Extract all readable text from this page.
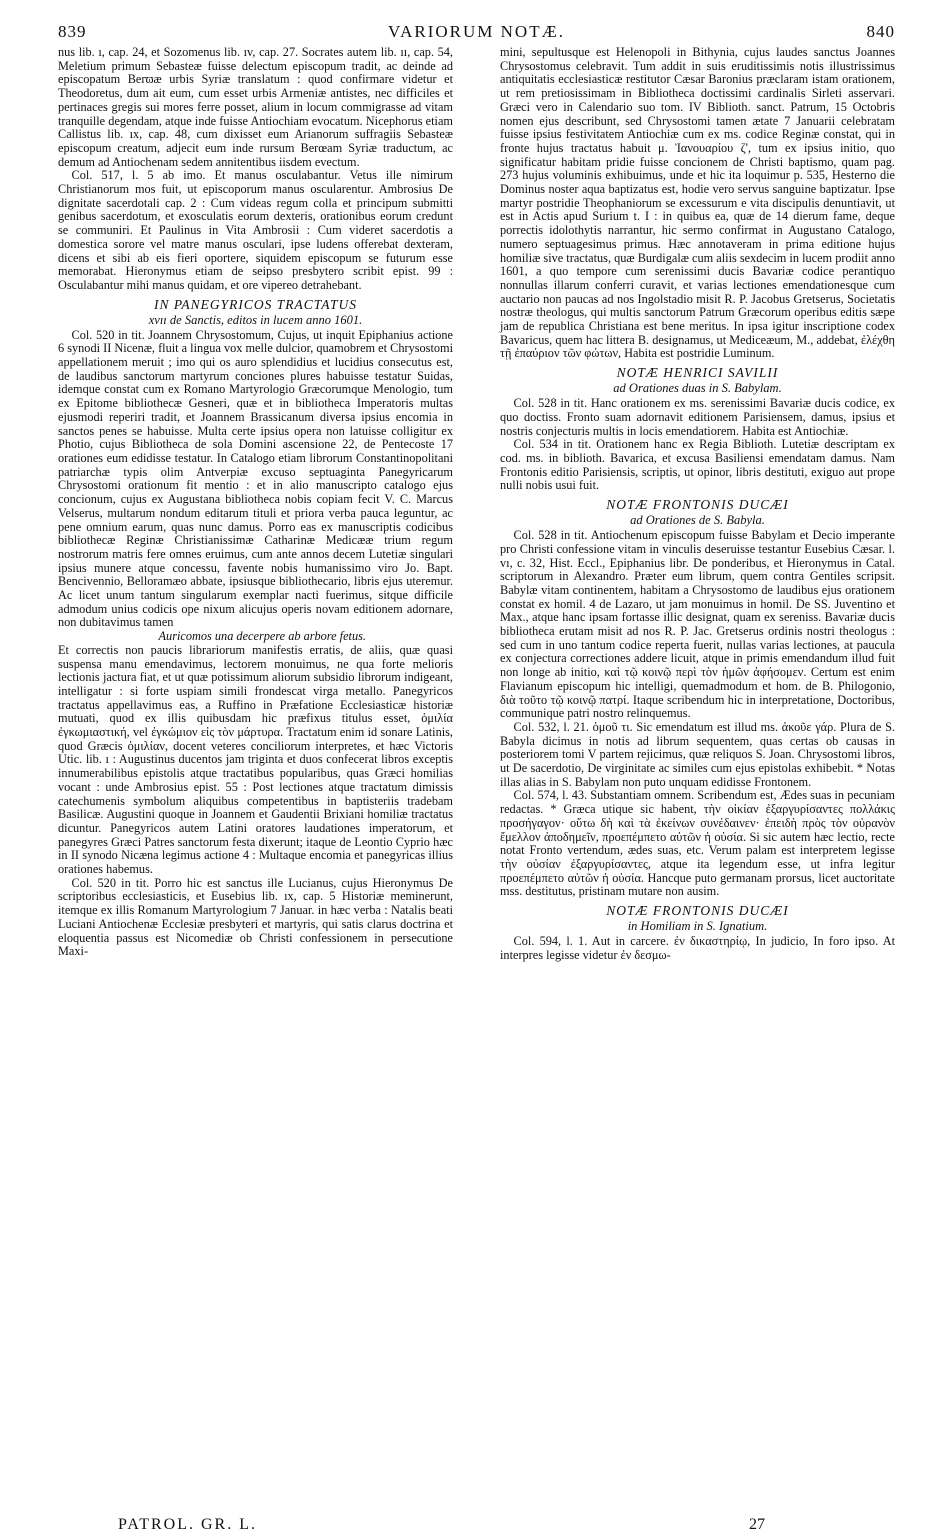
839	VARIORUM NOTÆ.	840

nus lib. ı, cap. 24, et Sozomenus lib. ıv, cap. 27. Socrates autem lib. ıı, cap. 54, Meletium primum Sebasteæ fuisse delectum episcopum tradit, ac deinde ad episcopatum Berϖæ urbis Syriæ translatum : quod confirmare videtur et Theodoretus, dum ait eum, cum esset urbis Armeniæ antistes, nec difficiles et pertinaces gregis sui mores ferre posset, alium in locum commigrasse ad vitam tranquille degendam, atque inde fuisse Antiochiam evocatum. Nicephorus etiam Callistus lib. ıx, cap. 48, cum dixisset eum Arianorum suffragiis Sebasteæ episcopum creatum, adjecit eum inde rursum Berœam Syriæ traductum, ac demum ad Antiochenam sedem annitentibus iisdem evectum.

Col. 517, l. 5 ab imo. Et manus osculabantur. Vetus ille nimirum Christianorum mos fuit, ut episcoporum manus oscularentur. Ambrosius De dignitate sacerdotali cap. 2 : Cum videas regum colla et principum submitti genibus sacerdotum, et exosculatis eorum dexteris, orationibus eorum credunt se communiri. Et Paulinus in Vita Ambrosii : Cum videret sacerdotis a domestica sorore vel matre manus osculari, ipse ludens offerebat dexteram, dicens et sibi ab eis fieri oportere, siquidem episcopum se futurum esse memorabat. Hieronymus etiam de seipso presbytero scribit epist. 99 : Osculabantur mihi manus quidam, et ore vipereo detrahebant.

IN PANEGYRICOS TRACTATUS
xvıı de Sanctis, editos in lucem anno 1601.

Col. 520 in tit. Joannem Chrysostomum, Cujus, ut inquit Epiphanius actione 6 synodi II Nicenæ, fluit a lingua vox melle dulcior, quamobrem et Chrysostomi appellationem meruit ; imo qui os auro splendidius et lucidius consecutus est, de laudibus sanctorum martyrum conciones plures habuisse testatur Suidas, idemque constat cum ex Romano Martyrologio Græcorumque Menologio, tum ex Epitome bibliothecæ Gesneri, quæ et in bibliotheca Imperatoris multas ejusmodi reperiri tradit, et Joannem Brassicanum diversa ipsius encomia in sanctos penes se habuisse. Multa certe ipsius opera non latuisse colligitur ex Photio, cujus Bibliotheca de sola Domini ascensione 22, de Pentecoste 17 orationes eum edidisse testatur. In Catalogo etiam librorum Constantinopolitani patriarchæ typis olim Antverpiæ excuso septuaginta Panegyricarum Chrysostomi orationum fit mentio : et in alio manuscripto catalogo ejus concionum, cujus ex Augustana bibliotheca nobis copiam fecit V. C. Marcus Velserus, multarum nondum editarum tituli et priora verba pauca leguntur, ac pene omnium earum, quas nunc damus. Porro eas ex manuscriptis codicibus bibliothecæ Reginæ Christianissimæ Catharinæ Medicææ trium regum nostrorum matris fere omnes eruimus, cum ante annos decem Lutetiæ singulari ipsius munere atque concessu, favente nobis humanissimo viro Jo. Bapt. Bencivennio, Belloramæo abbate, ipsiusque bibliothecario, libris ejus uteremur. Ac licet unum tantum singularum exemplar nacti fuerimus, sitque difficile admodum unius codicis ope nixum alicujus operis novam editionem adornare, non dubitavimus tamen

Auricomos una decerpere ab arbore fetus.

Et correctis non paucis librariorum manifestis erratis, de aliis, quæ quasi suspensa manu emendavimus, lectorem monuimus, ne qua forte melioris lectionis jactura fiat, et ut quæ potissimum aliorum subsidio librorum indigeant, intelligatur : si forte uspiam simili frondescat virga metallo. Panegyricos tractatus appellavimus eas, a Ruffino in Præfatione Ecclesiasticæ historiæ mutuati, quod ex illis quibusdam hic præfixus titulus esset, ὁμιλία ἐγκωμιαστική, vel ἐγκώμιον εἰς τὸν μάρτυρα. Tractatum enim id sonare Latinis, quod Græcis ὁμιλίαν, docent veteres conciliorum interpretes, et hæc Victoris Utic. lib. ı : Augustinus ducentos jam triginta et duos confecerat libros exceptis innumerabilibus epistolis atque tractatibus popularibus, quas Græci homilias vocant : unde Ambrosius epist. 55 : Post lectiones atque tractatum dimissis catechumenis symbolum aliquibus competentibus in baptisteriis tradebam Basilicæ. Augustini quoque in Joannem et Gaudentii Brixiani homiliæ tractatus dicuntur. Panegyricos autem Latini oratores laudationes imperatorum, et panegyres Græci Patres sanctorum festa dixerunt; itaque de Leontio Cyprio hæc in II synodo Nicæna legimus actione 4 : Multaque encomia et panegyricas illius orationes habemus.

Col. 520 in tit. Porro hic est sanctus ille Lucianus, cujus Hieronymus De scriptoribus ecclesiasticis, et Eusebius lib. ıx, cap. 5 Historiæ meminerunt, itemque ex illis Romanum Martyrologium 7 Januar. in hæc verba : Natalis beati Luciani Antiochenæ Ecclesiæ presbyteri et martyris, qui satis clarus doctrina et eloquentia passus est Nicomediæ ob Christi confessionem in persecutione Maxi-

mini, sepultusque est Helenopoli in Bithynia, cujus laudes sanctus Joannes Chrysostomus celebravit. Tum addit in suis eruditissimis notis illustrissimus antiquitatis ecclesiasticæ restitutor Cæsar Baronius præclaram istam orationem, ut rem pretiosissimam in Bibliotheca doctissimi cardinalis Sirleti asservari. Græci vero in Calendario suo tom. IV Biblioth. sanct. Patrum, 15 Octobris nomen ejus describunt, sed Chrysostomi tamen ætate 7 Januarii celebratam fuisse ipsius festivitatem Antiochiæ cum ex ms. codice Reginæ constat, qui in fronte hujus tractatus habuit μ. Ἰανουαρίου ζ', tum ex ipsius initio, quo significatur habitam pridie fuisse concionem de Christi baptismo, quam pag. 273 hujus voluminis exhibuimus, unde et hic ita loquimur p. 535, Hesterno die Dominus noster aqua baptizatus est, hodie vero servus sanguine baptizatur. Ipse martyr postridie Theophaniorum se excessurum e vita discipulis denuntiavit, ut est in Actis apud Surium t. I : in quibus ea, quæ de 14 dierum fame, deque porrectis idolothytis narrantur, hic sermo confirmat in Augustano Catalogo, numero septuagesimus primus. Hæc annotaveram in prima editione hujus homiliæ sive tractatus, quæ Burdigalæ cum aliis sexdecim in lucem prodiit anno 1601, a quo tempore cum serenissimi ducis Bavariæ codice perantiquo nonnullas illarum conferri curavit, et varias lectiones emendationesque cum auctario non paucas ad nos Ingolstadio misit R. P. Jacobus Gretserus, Societatis nostræ theologus, qui multis sanctorum Patrum Græcorum operibus editis sæpe jam de republica Christiana est bene meritus. In ipsa igitur inscriptione codex Bavaricus, quem hac littera B. designamus, ut Mediceæum, M., addebat, ἐλέχθη τῇ ἐπαύριον τῶν φώτων, Habita est postridie Luminum.

NOTÆ HENRICI SAVILII
ad Orationes duas in S. Babylam.

Col. 528 in tit. Hanc orationem ex ms. serenissimi Bavariæ ducis codice, ex quo doctiss. Fronto suam adornavit editionem Parisiensem, damus, ipsius et nostris conjecturis multis in locis emendatiorem. Habita est Antiochiæ.

Col. 534 in tit. Orationem hanc ex Regia Biblioth. Lutetiæ descriptam ex cod. ms. in biblioth. Bavarica, et excusa Basiliensi emendatam damus. Nam Frontonis editio Parisiensis, scriptis, ut opinor, libris destituti, exiguo aut prope nulli nobis usui fuit.

NOTÆ FRONTONIS DUCÆI
ad Orationes de S. Babyla.

Col. 528 in tit. Antiochenum episcopum fuisse Babylam et Decio imperante pro Christi confessione vitam in vinculis deseruisse testantur Eusebius Cæsar. l. vı, c. 32, Hist. Eccl., Epiphanius libr. De ponderibus, et Hieronymus in Catal. scriptorum in Alexandro. Præter eum librum, quem contra Gentiles scripsit. Babylæ vitam continentem, habitam a Chrysostomo de laudibus ejus orationem constat ex homil. 4 de Lazaro, ut jam monuimus in homil. De SS. Juventino et Max., atque hanc ipsam fortasse illic designat, quam ex sereniss. Bavariæ ducis bibliotheca erutam misit ad nos R. P. Jac. Gretserus ordinis nostri theologus : sed cum in uno tantum codice reperta fuerit, nullas varias lectiones, at paucula ex conjectura correctiones addere licuit, atque in primis emendandum illud fuit non longe ab initio, καὶ τῷ κοινῷ περὶ τὸν ἡμῶν ἀφήσομεν. Certum est enim Flavianum episcopum hic intelligi, quemadmodum et hom. de B. Philogonio, διὰ τοῦτο τῷ κοινῷ πατρί. Itaque scribendum hic in interpretatione, Doctoribus, communique patri nostro relinquemus.

Col. 532, l. 21. ὁμοῦ τι. Sic emendatum est illud ms. ἀκοῦε γάρ. Plura de S. Babyla dicimus in notis ad librum sequentem, quas certas ob causas in posteriorem tomi V partem rejicimus, quæ reliquos S. Joan. Chrysostomi libros, ut De sacerdotio, De virginitate ac similes cum ejus epistolas exhibebit. * Notas illas alias in S. Babylam non puto unquam edidisse Frontonem.

Col. 574, l. 43. Substantiam omnem. Scribendum est, Ædes suas in pecuniam redactas. * Græca utique sic habent, τὴν οἰκίαν ἐξαργυρίσαντες πολλάκις προσήγαγον· οὕτω δὴ καὶ τὰ ἐκείνων συνέδαινεν· ἐπειδὴ πρὸς τὸν οὐρανὸν ἔμελλον ἀποδημεῖν, προεπέμπετο αὐτῶν ἡ οὐσία. Si sic autem hæc lectio, recte notat Fronto vertendum, ædes suas, etc. Verum palam est interpretem legisse τὴν οὐσίαν ἐξαργυρίσαντες, atque ita legendum esse, ut infra legitur προεπέμπετο αὐτῶν ἡ οὐσία. Hancque puto germanam prorsus, licet auctoritate mss. destitutus, pristinam mutare non ausim.

NOTÆ FRONTONIS DUCÆI
in Homiliam in S. Ignatium.

Col. 594, l. 1. Aut in carcere. ἐν δικαστηρίῳ, In judicio, In foro ipso. At interpres legisse videtur ἐν δεσμω-

PATROL. GR. L.	27
